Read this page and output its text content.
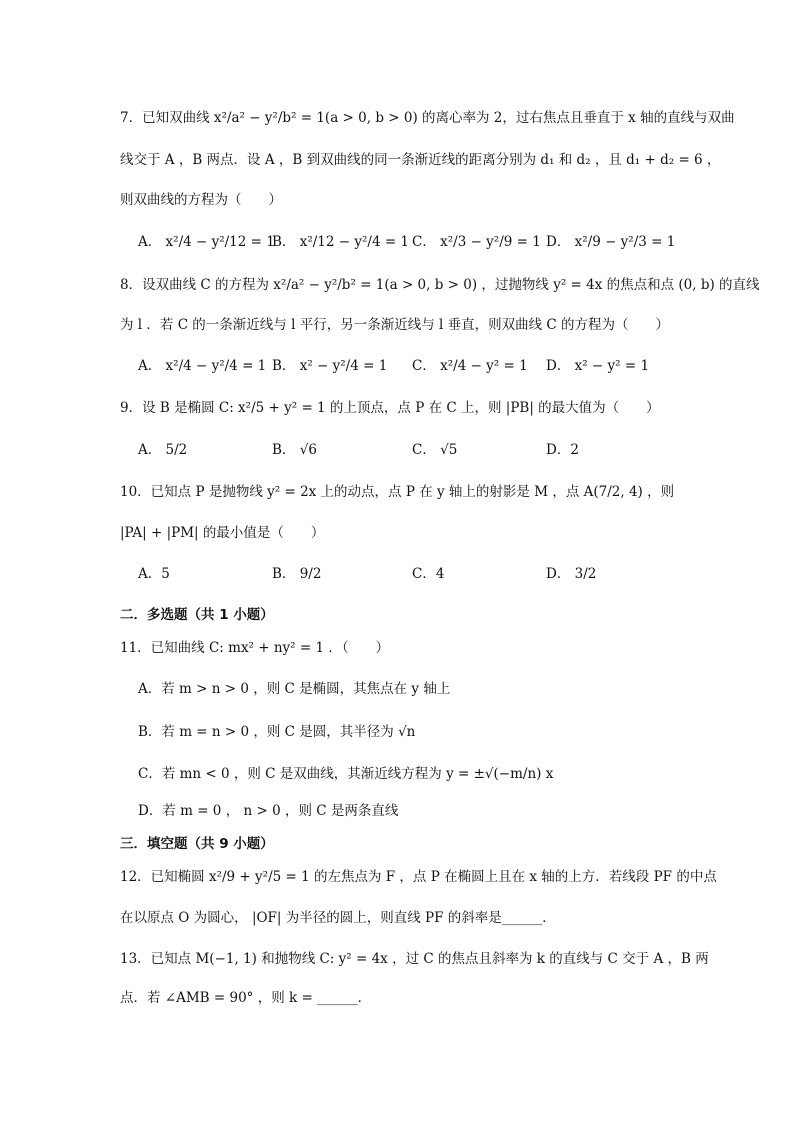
7．已知双曲线 x²/a² − y²/b² = 1(a > 0, b > 0) 的离心率为 2，过右焦点且垂直于 x 轴的直线与双曲
线交于 A ，B 两点．设 A ，B 到双曲线的同一条渐近线的距离分别为 d₁ 和 d₂ ，且 d₁ + d₂ = 6 ，
则双曲线的方程为（　　）
A． x²/4 − y²/12 = 1
B． x²/12 − y²/4 = 1 C． x²/3 − y²/9 = 1 D． x²/9 − y²/3 = 1
8．设双曲线 C 的方程为 x²/a² − y²/b² = 1(a > 0, b > 0) ，过抛物线 y² = 4x 的焦点和点 (0, b) 的直线
为 l ．若 C 的一条渐近线与 l 平行，另一条渐近线与 l 垂直，则双曲线 C 的方程为（　　）
A． x²/4 − y²/4 = 1 B． x² − y²/4 = 1 C． x²/4 − y² = 1 D． x² − y² = 1
9．设 B 是椭圆 C: x²/5 + y² = 1 的上顶点，点 P 在 C 上，则 |PB| 的最大值为（　　）
A． 5/2	B． √6	C． √5	D．2
10．已知点 P 是抛物线 y² = 2x 上的动点，点 P 在 y 轴上的射影是 M ，点 A(7/2, 4) ，则
|PA| + |PM| 的最小值是（　　）
A．5	B． 9/2	C．4	D． 3/2
二．多选题（共 1 小题）
11．已知曲线 C: mx² + ny² = 1 ．（　　）
A．若 m > n > 0 ，则 C 是椭圆，其焦点在 y 轴上
B．若 m = n > 0 ，则 C 是圆，其半径为 √n
C．若 mn < 0 ，则 C 是双曲线，其渐近线方程为 y = ±√(−m/n) x
D．若 m = 0 ， n > 0 ，则 C 是两条直线
三．填空题（共 9 小题）
12．已知椭圆 x²/9 + y²/5 = 1 的左焦点为 F ，点 P 在椭圆上且在 x 轴的上方．若线段 PF 的中点
在以原点 O 为圆心， |OF| 为半径的圆上，则直线 PF 的斜率是______．
13．已知点 M(−1, 1) 和抛物线 C: y² = 4x ，过 C 的焦点且斜率为 k 的直线与 C 交于 A ，B 两
点．若 ∠AMB = 90° ，则 k = ______．
